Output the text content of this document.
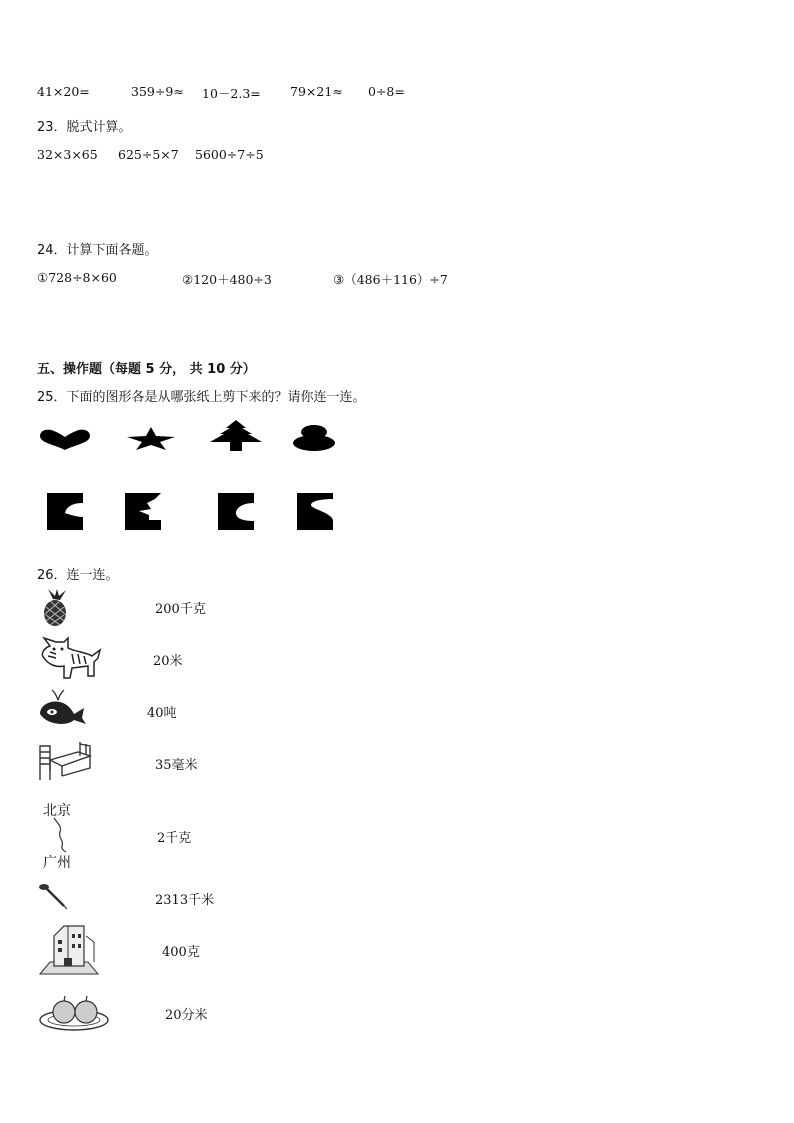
41×20=	359÷9≈ 10－2.3= 79×21≈ 0÷8=
23．脱式计算。
32×3×65 625÷5×7 5600÷7÷5
24．计算下面各题。
①728÷8×60	②120＋480÷3	③（486＋116）÷7
五、操作题（每题 5 分， 共 10 分）
25．下面的图形各是从哪张纸上剪下来的？请你连一连。
26．连一连。
200千克
20米
40吨
35毫米
北京
广州
2千克
2313千米
400克
20分米
